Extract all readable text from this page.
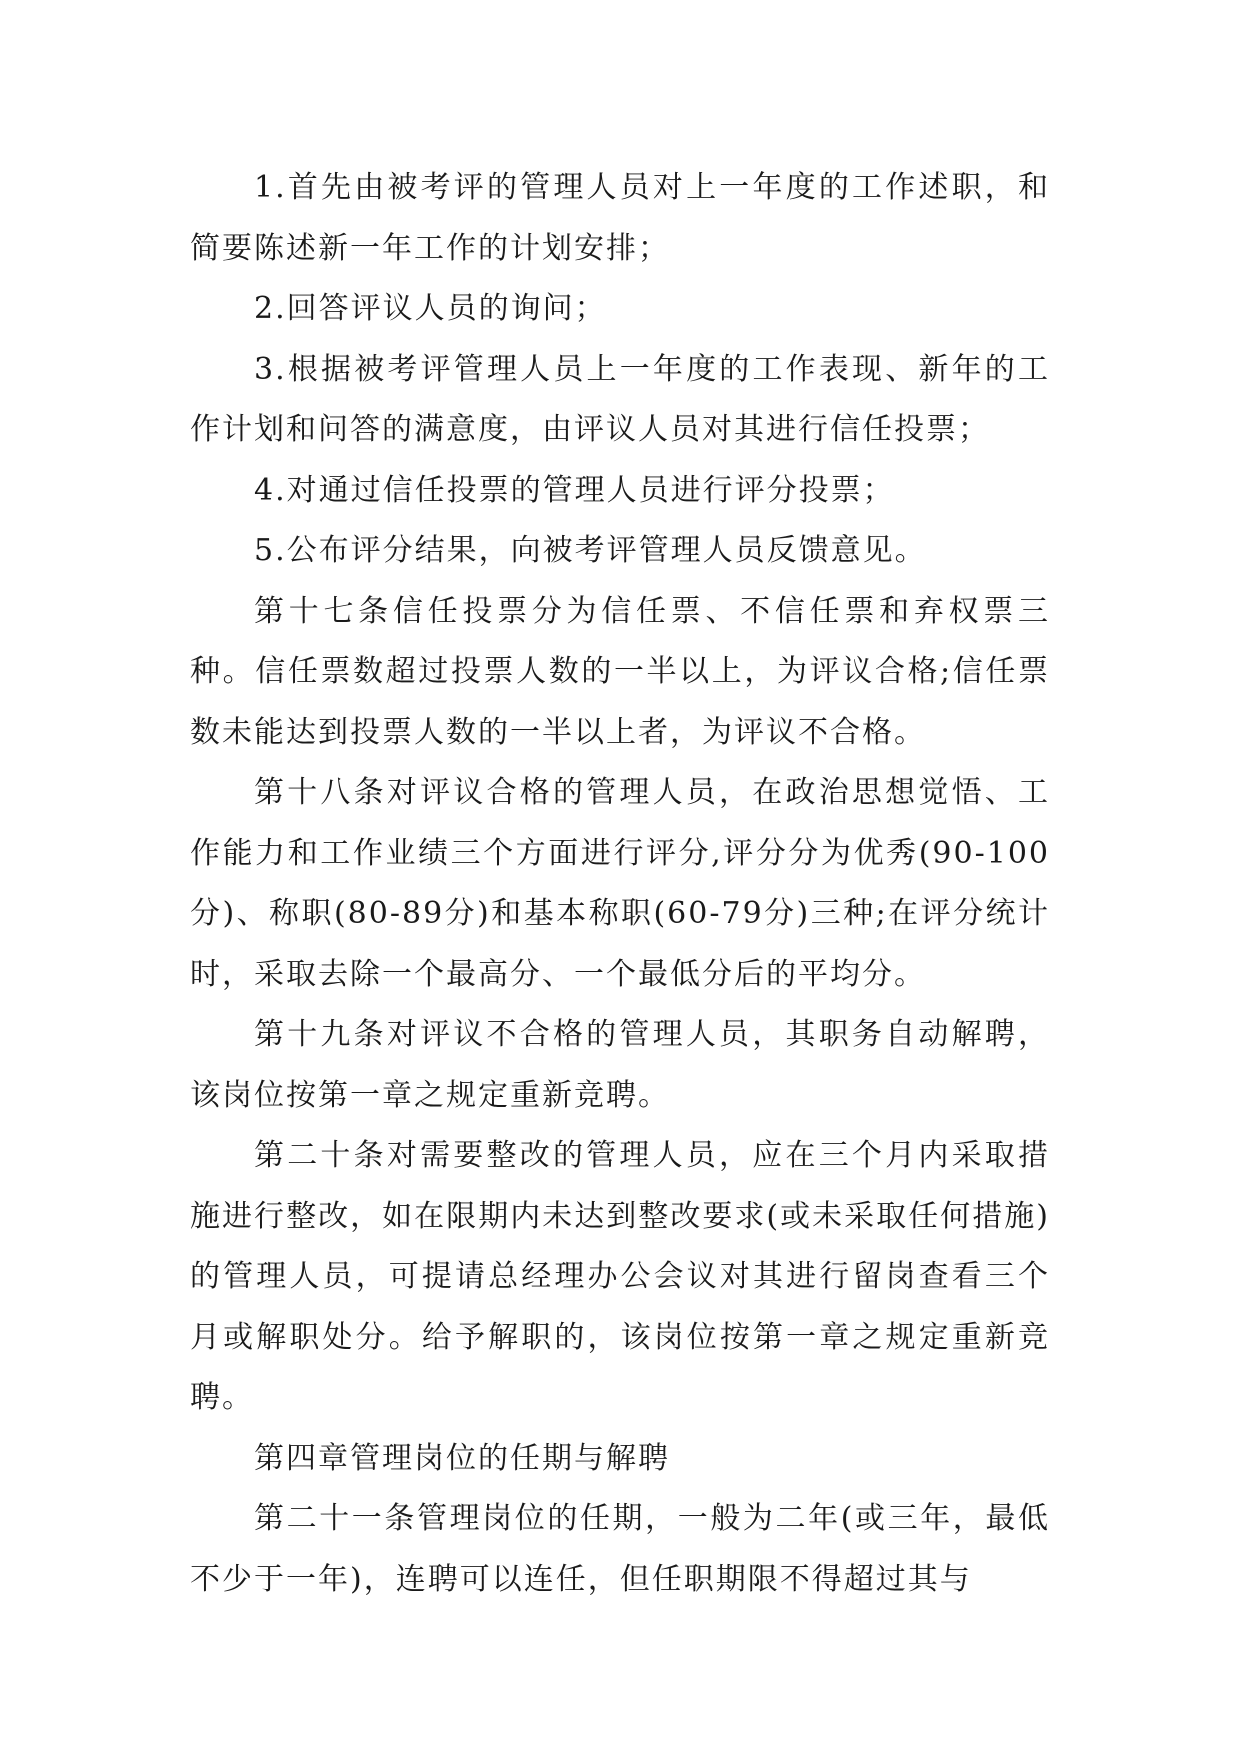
1.首先由被考评的管理人员对上一年度的工作述职，和简要陈述新一年工作的计划安排；

2.回答评议人员的询问；

3.根据被考评管理人员上一年度的工作表现、新年的工作计划和问答的满意度，由评议人员对其进行信任投票；

4.对通过信任投票的管理人员进行评分投票；

5.公布评分结果，向被考评管理人员反馈意见。

第十七条信任投票分为信任票、不信任票和弃权票三种。信任票数超过投票人数的一半以上，为评议合格;信任票数未能达到投票人数的一半以上者，为评议不合格。

第十八条对评议合格的管理人员，在政治思想觉悟、工作能力和工作业绩三个方面进行评分,评分分为优秀(90-100分)、称职(80-89分)和基本称职(60-79分)三种;在评分统计时，采取去除一个最高分、一个最低分后的平均分。

第十九条对评议不合格的管理人员，其职务自动解聘，该岗位按第一章之规定重新竞聘。

第二十条对需要整改的管理人员，应在三个月内采取措施进行整改，如在限期内未达到整改要求(或未采取任何措施)的管理人员，可提请总经理办公会议对其进行留岗查看三个月或解职处分。给予解职的，该岗位按第一章之规定重新竞聘。

第四章管理岗位的任期与解聘

第二十一条管理岗位的任期，一般为二年(或三年，最低不少于一年)，连聘可以连任，但任职期限不得超过其与
